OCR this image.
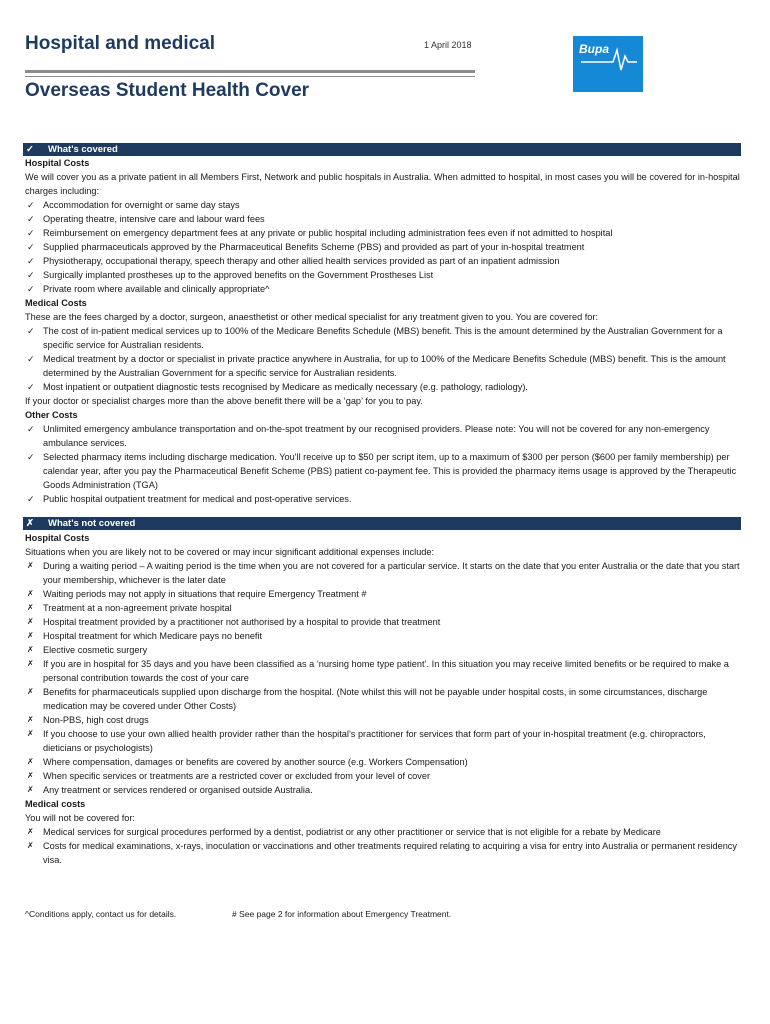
Hospital and medical	1 April 2018	Bupa
Overseas Student Health Cover
✓ What's covered
Hospital Costs

We will cover you as a private patient in all Members First, Network and public hospitals in Australia. When admitted to hospital, in most cases you will be covered for in-hospital charges including:

✓ Accommodation for overnight or same day stays

✓ Operating theatre, intensive care and labour ward fees

✓ Reimbursement on emergency department fees at any private or public hospital including administration fees even if not admitted to hospital

✓ Supplied pharmaceuticals approved by the Pharmaceutical Benefits Scheme (PBS) and provided as part of your in-hospital treatment

✓ Physiotherapy, occupational therapy, speech therapy and other allied health services provided as part of an inpatient admission

✓ Surgically implanted prostheses up to the approved benefits on the Government Prostheses List

✓ Private room where available and clinically appropriate^

Medical Costs

These are the fees charged by a doctor, surgeon, anaesthetist or other medical specialist for any treatment given to you. You are covered for:

✓ The cost of in-patient medical services up to 100% of the Medicare Benefits Schedule (MBS) benefit. This is the amount determined by the Australian Government for a specific service for Australian residents.

✓ Medical treatment by a doctor or specialist in private practice anywhere in Australia, for up to 100% of the Medicare Benefits Schedule (MBS) benefit. This is the amount determined by the Australian Government for a specific service for Australian residents.

✓ Most inpatient or outpatient diagnostic tests recognised by Medicare as medically necessary (e.g. pathology, radiology).

If your doctor or specialist charges more than the above benefit there will be a ‘gap’ for you to pay.

Other Costs

✓ Unlimited emergency ambulance transportation and on-the-spot treatment by our recognised providers. Please note: You will not be covered for any non-emergency ambulance services.

✓ Selected pharmacy items including discharge medication. You'll receive up to $50 per script item, up to a maximum of $300 per person ($600 per family membership) per calendar year, after you pay the Pharmaceutical Benefit Scheme (PBS) patient co-payment fee. This is provided the pharmacy items usage is approved by the Therapeutic Goods Administration (TGA)

✓ Public hospital outpatient treatment for medical and post-operative services.

✗ What's not covered
Hospital Costs

Situations when you are likely not to be covered or may incur significant additional expenses include:

✗	During a waiting period – A waiting period is the time when you are not covered for a particular service. It starts on the date that you enter Australia or the date that you start your membership, whichever is the later date

✗	Waiting periods may not apply in situations that require Emergency Treatment #

✗	Treatment at a non-agreement private hospital

✗	Hospital treatment provided by a practitioner not authorised by a hospital to provide that treatment

✗	Hospital treatment for which Medicare pays no benefit

✗	Elective cosmetic surgery

✗	If you are in hospital for 35 days and you have been classified as a ‘nursing home type patient’. In this situation you may receive limited benefits or be required to make a personal contribution towards the cost of your care

✗	Benefits for pharmaceuticals supplied upon discharge from the hospital. (Note whilst this will not be payable under hospital costs, in some circumstances, discharge medication may be covered under Other Costs)

✗	Non-PBS, high cost drugs

✗	If you choose to use your own allied health provider rather than the hospital’s practitioner for services that form part of your in-hospital treatment (e.g. chiropractors, dieticians or psychologists)

✗	Where compensation, damages or benefits are covered by another source (e.g. Workers Compensation)

✗	When specific services or treatments are a restricted cover or excluded from your level of cover

✗	Any treatment or services rendered or organised outside Australia.

Medical costs

You will not be covered for:

✗	Medical services for surgical procedures performed by a dentist, podiatrist or any other practitioner or service that is not eligible for a rebate by Medicare

✗	Costs for medical examinations, x-rays, inoculation or vaccinations and other treatments required relating to acquiring a visa for entry into Australia or permanent residency visa.

^Conditions apply, contact us for details.	# See page 2 for information about Emergency Treatment.
